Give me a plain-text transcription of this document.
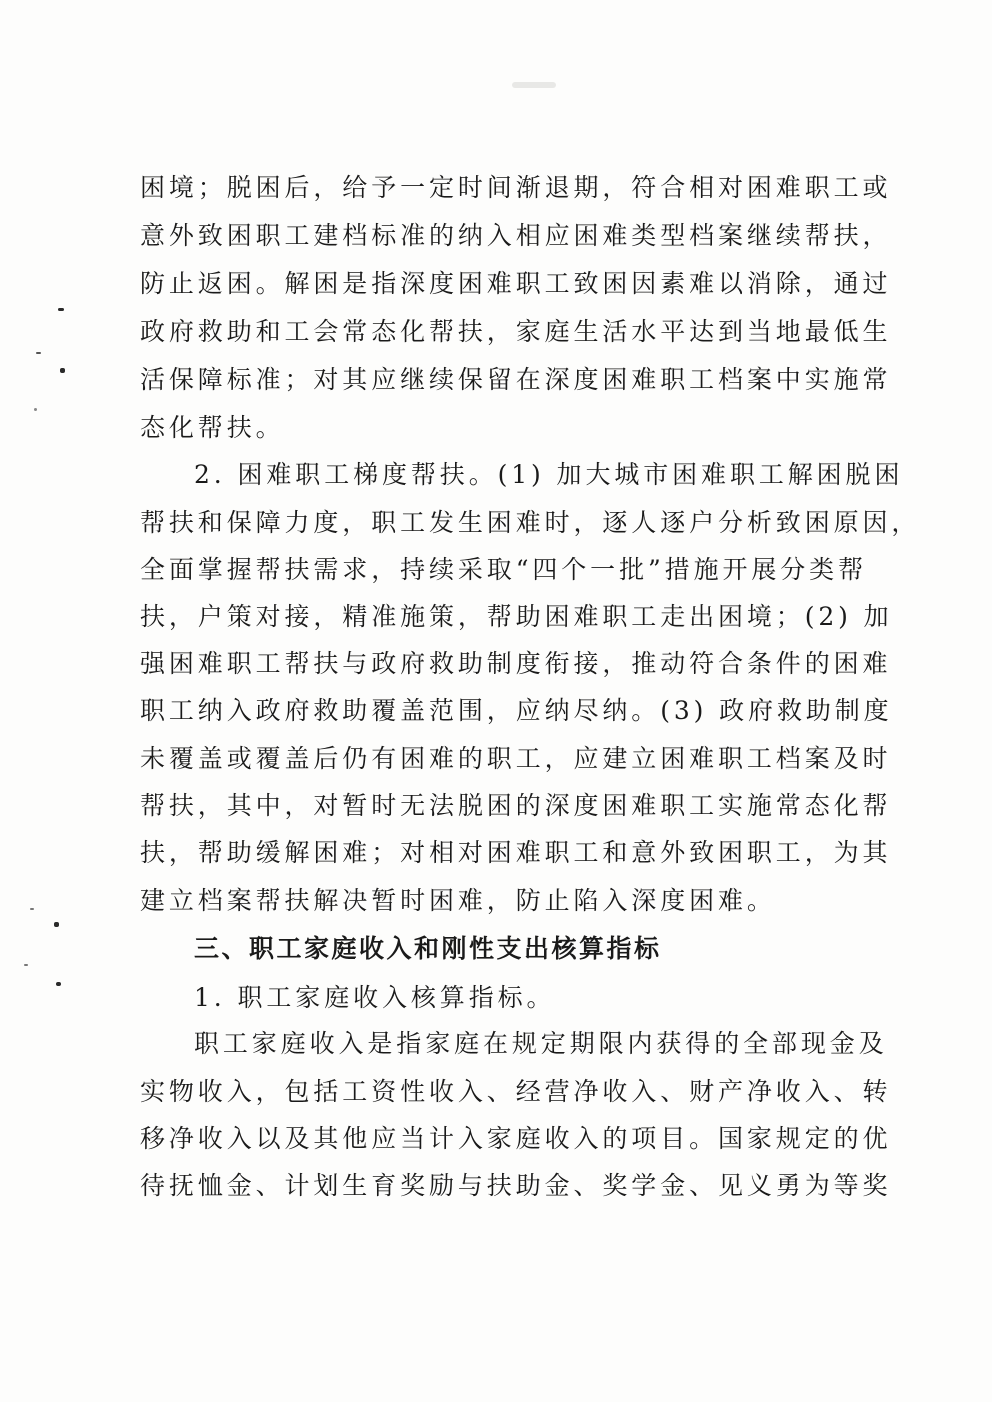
困境；脱困后，给予一定时间渐退期，符合相对困难职工或
意外致困职工建档标准的纳入相应困难类型档案继续帮扶，
防止返困。解困是指深度困难职工致困因素难以消除，通过
政府救助和工会常态化帮扶，家庭生活水平达到当地最低生
活保障标准；对其应继续保留在深度困难职工档案中实施常
态化帮扶。
2. 困难职工梯度帮扶。(1) 加大城市困难职工解困脱困
帮扶和保障力度，职工发生困难时，逐人逐户分析致困原因，
全面掌握帮扶需求，持续采取“四个一批”措施开展分类帮
扶，户策对接，精准施策，帮助困难职工走出困境；(2) 加
强困难职工帮扶与政府救助制度衔接，推动符合条件的困难
职工纳入政府救助覆盖范围，应纳尽纳。(3) 政府救助制度
未覆盖或覆盖后仍有困难的职工，应建立困难职工档案及时
帮扶，其中，对暂时无法脱困的深度困难职工实施常态化帮
扶，帮助缓解困难；对相对困难职工和意外致困职工，为其
建立档案帮扶解决暂时困难，防止陷入深度困难。
三、职工家庭收入和刚性支出核算指标
1. 职工家庭收入核算指标。
职工家庭收入是指家庭在规定期限内获得的全部现金及
实物收入，包括工资性收入、经营净收入、财产净收入、转
移净收入以及其他应当计入家庭收入的项目。国家规定的优
待抚恤金、计划生育奖励与扶助金、奖学金、见义勇为等奖
